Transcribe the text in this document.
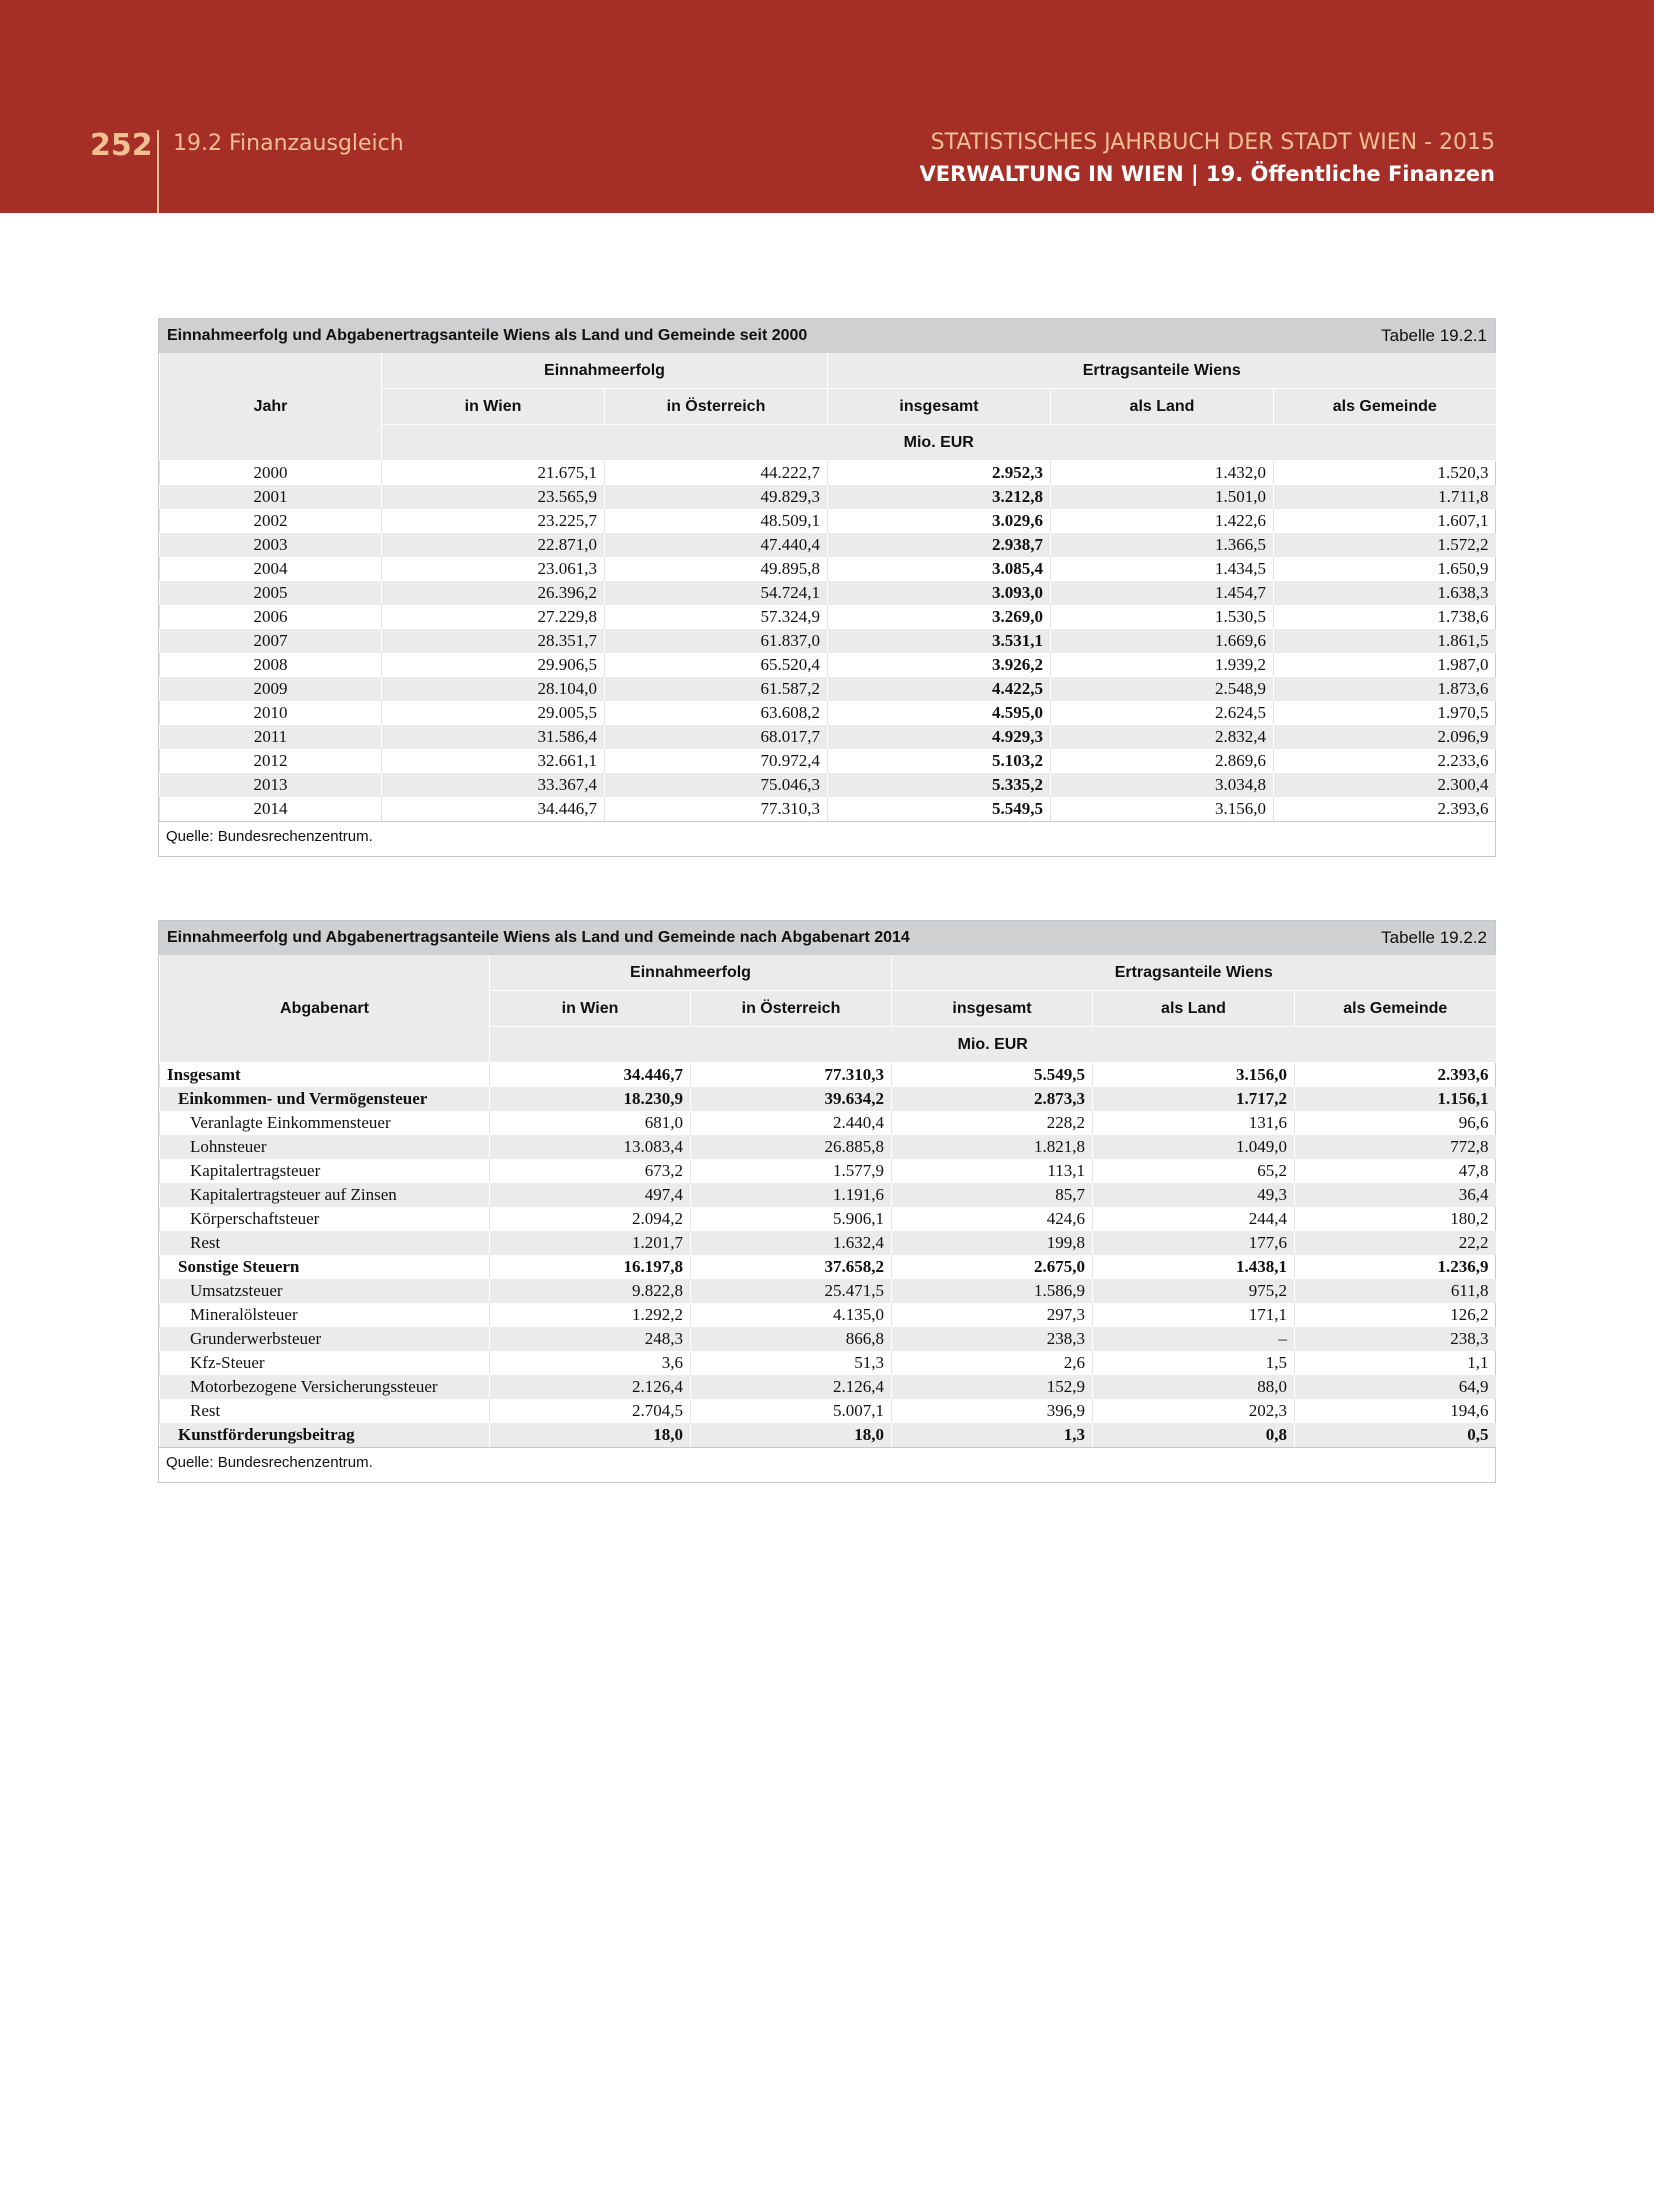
252 19.2 Finanzausgleich	STATISTISCHES JAHRBUCH DER STADT WIEN - 2015
VERWALTUNG IN WIEN | 19. Öffentliche Finanzen
Einnahmeerfolg und Abgabenertragsanteile Wiens als Land und Gemeinde seit 2000	Tabelle 19.2.1
Jahr	Einnahmeerfolg		Ertragsanteile Wiens		
	in Wien	in Österreich	insgesamt	als Land	als Gemeinde
	Mio. EUR				
2000	21.675,1	44.222,7	2.952,3	1.432,0	1.520,3
2001	23.565,9	49.829,3	3.212,8	1.501,0	1.711,8
2002	23.225,7	48.509,1	3.029,6	1.422,6	1.607,1
2003	22.871,0	47.440,4	2.938,7	1.366,5	1.572,2
2004	23.061,3	49.895,8	3.085,4	1.434,5	1.650,9
2005	26.396,2	54.724,1	3.093,0	1.454,7	1.638,3
2006	27.229,8	57.324,9	3.269,0	1.530,5	1.738,6
2007	28.351,7	61.837,0	3.531,1	1.669,6	1.861,5
2008	29.906,5	65.520,4	3.926,2	1.939,2	1.987,0
2009	28.104,0	61.587,2	4.422,5	2.548,9	1.873,6
2010	29.005,5	63.608,2	4.595,0	2.624,5	1.970,5
2011	31.586,4	68.017,7	4.929,3	2.832,4	2.096,9
2012	32.661,1	70.972,4	5.103,2	2.869,6	2.233,6
2013	33.367,4	75.046,3	5.335,2	3.034,8	2.300,4
2014	34.446,7	77.310,3	5.549,5	3.156,0	2.393,6
Quelle: Bundesrechenzentrum.
Einnahmeerfolg und Abgabenertragsanteile Wiens als Land und Gemeinde nach Abgabenart 2014	Tabelle 19.2.2
Abgabenart	Einnahmeerfolg		Ertragsanteile Wiens		
	in Wien	in Österreich	insgesamt	als Land	als Gemeinde
	Mio. EUR				
Insgesamt	34.446,7	77.310,3	5.549,5	3.156,0	2.393,6
Einkommen- und Vermögensteuer	18.230,9	39.634,2	2.873,3	1.717,2	1.156,1
Veranlagte Einkommensteuer	681,0	2.440,4	228,2	131,6	96,6
Lohnsteuer	13.083,4	26.885,8	1.821,8	1.049,0	772,8
Kapitalertragsteuer	673,2	1.577,9	113,1	65,2	47,8
Kapitalertragsteuer auf Zinsen	497,4	1.191,6	85,7	49,3	36,4
Körperschaftsteuer	2.094,2	5.906,1	424,6	244,4	180,2
Rest	1.201,7	1.632,4	199,8	177,6	22,2
Sonstige Steuern	16.197,8	37.658,2	2.675,0	1.438,1	1.236,9
Umsatzsteuer	9.822,8	25.471,5	1.586,9	975,2	611,8
Mineralölsteuer	1.292,2	4.135,0	297,3	171,1	126,2
Grunderwerbsteuer	248,3	866,8	238,3	–	238,3
Kfz-Steuer	3,6	51,3	2,6	1,5	1,1
Motorbezogene Versicherungssteuer	2.126,4	2.126,4	152,9	88,0	64,9
Rest	2.704,5	5.007,1	396,9	202,3	194,6
Kunstförderungsbeitrag	18,0	18,0	1,3	0,8	0,5
Quelle: Bundesrechenzentrum.
